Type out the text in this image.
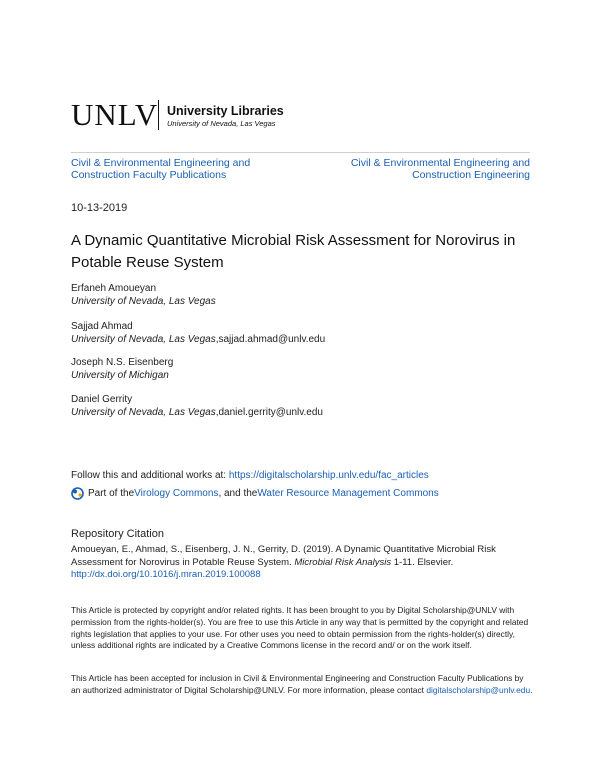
UNLV University Libraries
University of Nevada, Las Vegas
Civil & Environmental Engineering and Construction Faculty Publications
Civil & Environmental Engineering and Construction Engineering
10-13-2019
A Dynamic Quantitative Microbial Risk Assessment for Norovirus in Potable Reuse System
Erfaneh Amoueyan
University of Nevada, Las Vegas
Sajjad Ahmad
University of Nevada, Las Vegas,sajjad.ahmad@unlv.edu
Joseph N.S. Eisenberg
University of Michigan
Daniel Gerrity
University of Nevada, Las Vegas,daniel.gerrity@unlv.edu
Follow this and additional works at: https://digitalscholarship.unlv.edu/fac_articles
Part of the Virology Commons , and the Water Resource Management Commons
Repository Citation
Amoueyan, E., Ahmad, S., Eisenberg, J. N., Gerrity, D. (2019). A Dynamic Quantitative Microbial Risk Assessment for Norovirus in Potable Reuse System. Microbial Risk Analysis 1-11. Elsevier.
http://dx.doi.org/10.1016/j.mran.2019.100088
This Article is protected by copyright and/or related rights. It has been brought to you by Digital Scholarship@UNLV with permission from the rights-holder(s). You are free to use this Article in any way that is permitted by the copyright and related rights legislation that applies to your use. For other uses you need to obtain permission from the rights-holder(s) directly, unless additional rights are indicated by a Creative Commons license in the record and/ or on the work itself.
This Article has been accepted for inclusion in Civil & Environmental Engineering and Construction Faculty Publications by an authorized administrator of Digital Scholarship@UNLV. For more information, please contact digitalscholarship@unlv.edu.
